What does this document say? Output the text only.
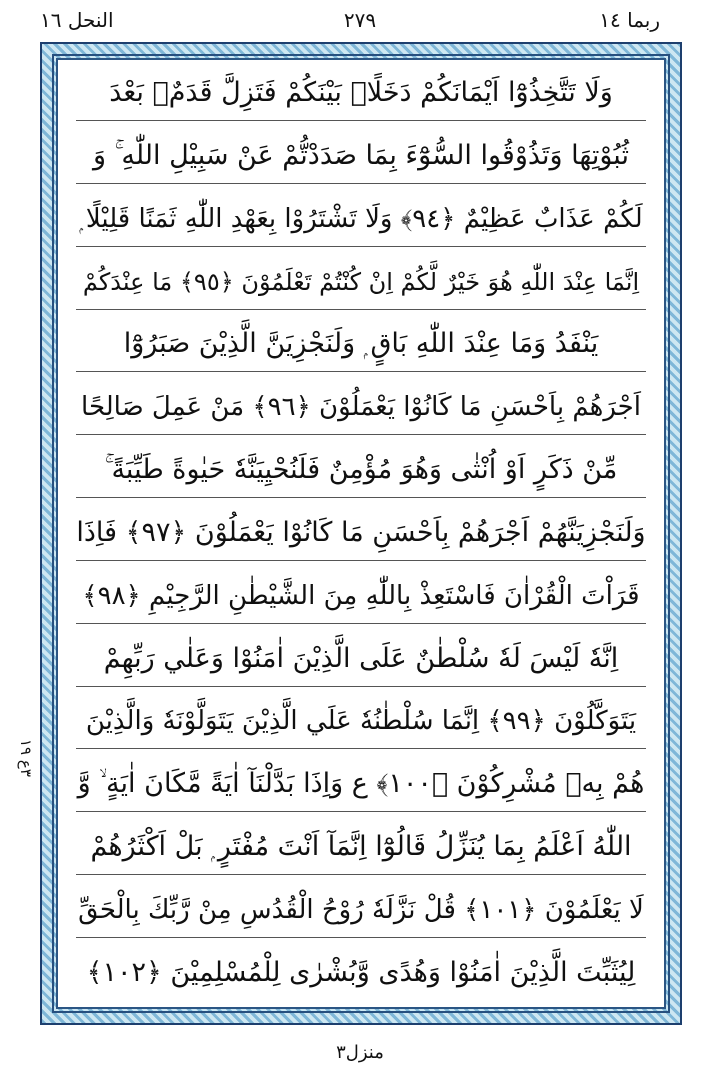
ربما ١٤
٢٧٩
النحل ١٦
٣ع ١٩
وَلَا تَتَّخِذُوْٓا اَيْمَانَكُمْ دَخَلًاۢ بَيْنَكُمْ فَتَزِلَّ قَدَمٌۢ بَعْدَ
ثُبُوْتِهَا وَتَذُوْقُوا السُّوْٓءَ بِمَا صَدَدْتُّمْ عَنْ سَبِيْلِ اللّٰهِ ۚ وَ
لَكُمْ عَذَابٌ عَظِيْمٌ ﴿٩٤﴾ وَلَا تَشْتَرُوْا بِعَهْدِ اللّٰهِ ثَمَنًا قَلِيْلًا ۭ
اِنَّمَا عِنْدَ اللّٰهِ هُوَ خَيْرٌ لَّكُمْ اِنْ كُنْتُمْ تَعْلَمُوْنَ ﴿٩٥﴾ مَا عِنْدَكُمْ
يَنْفَدُ وَمَا عِنْدَ اللّٰهِ بَاقٍ ۭ وَلَنَجْزِيَنَّ الَّذِيْنَ صَبَرُوْٓا
اَجْرَهُمْ بِاَحْسَنِ مَا كَانُوْا يَعْمَلُوْنَ ﴿٩٦﴾ مَنْ عَمِلَ صَالِحًا
مِّنْ ذَكَرٍ اَوْ اُنْثٰى وَهُوَ مُؤْمِنٌ فَلَنُحْيِيَنَّهٗ حَيٰوةً طَيِّبَةً ۚ
وَلَنَجْزِيَنَّهُمْ اَجْرَهُمْ بِاَحْسَنِ مَا كَانُوْا يَعْمَلُوْنَ ﴿٩٧﴾ فَاِذَا
قَرَاْتَ الْقُرْاٰنَ فَاسْتَعِذْ بِاللّٰهِ مِنَ الشَّيْطٰنِ الرَّجِيْمِ ﴿٩٨﴾
اِنَّهٗ لَيْسَ لَهٗ سُلْطٰنٌ عَلَى الَّذِيْنَ اٰمَنُوْا وَعَلٰي رَبِّهِمْ
يَتَوَكَّلُوْنَ ﴿٩٩﴾ اِنَّمَا سُلْطٰنُهٗ عَلَي الَّذِيْنَ يَتَوَلَّوْنَهٗ وَالَّذِيْنَ
هُمْ بِهٖ مُشْرِكُوْنَ ﴿١٠٠﴾ ع وَاِذَا بَدَّلْنَآ اٰيَةً مَّكَانَ اٰيَةٍ ۙ وَّ
اللّٰهُ اَعْلَمُ بِمَا يُنَزِّلُ قَالُوْٓا اِنَّمَآ اَنْتَ مُفْتَرٍ ۭ بَلْ اَكْثَرُهُمْ
لَا يَعْلَمُوْنَ ﴿١٠١﴾ قُلْ نَزَّلَهٗ رُوْحُ الْقُدُسِ مِنْ رَّبِّكَ بِالْحَقِّ
لِيُثَبِّتَ الَّذِيْنَ اٰمَنُوْا وَهُدًى وَّبُشْرٰى لِلْمُسْلِمِيْنَ ﴿١٠٢﴾
منزل٣
